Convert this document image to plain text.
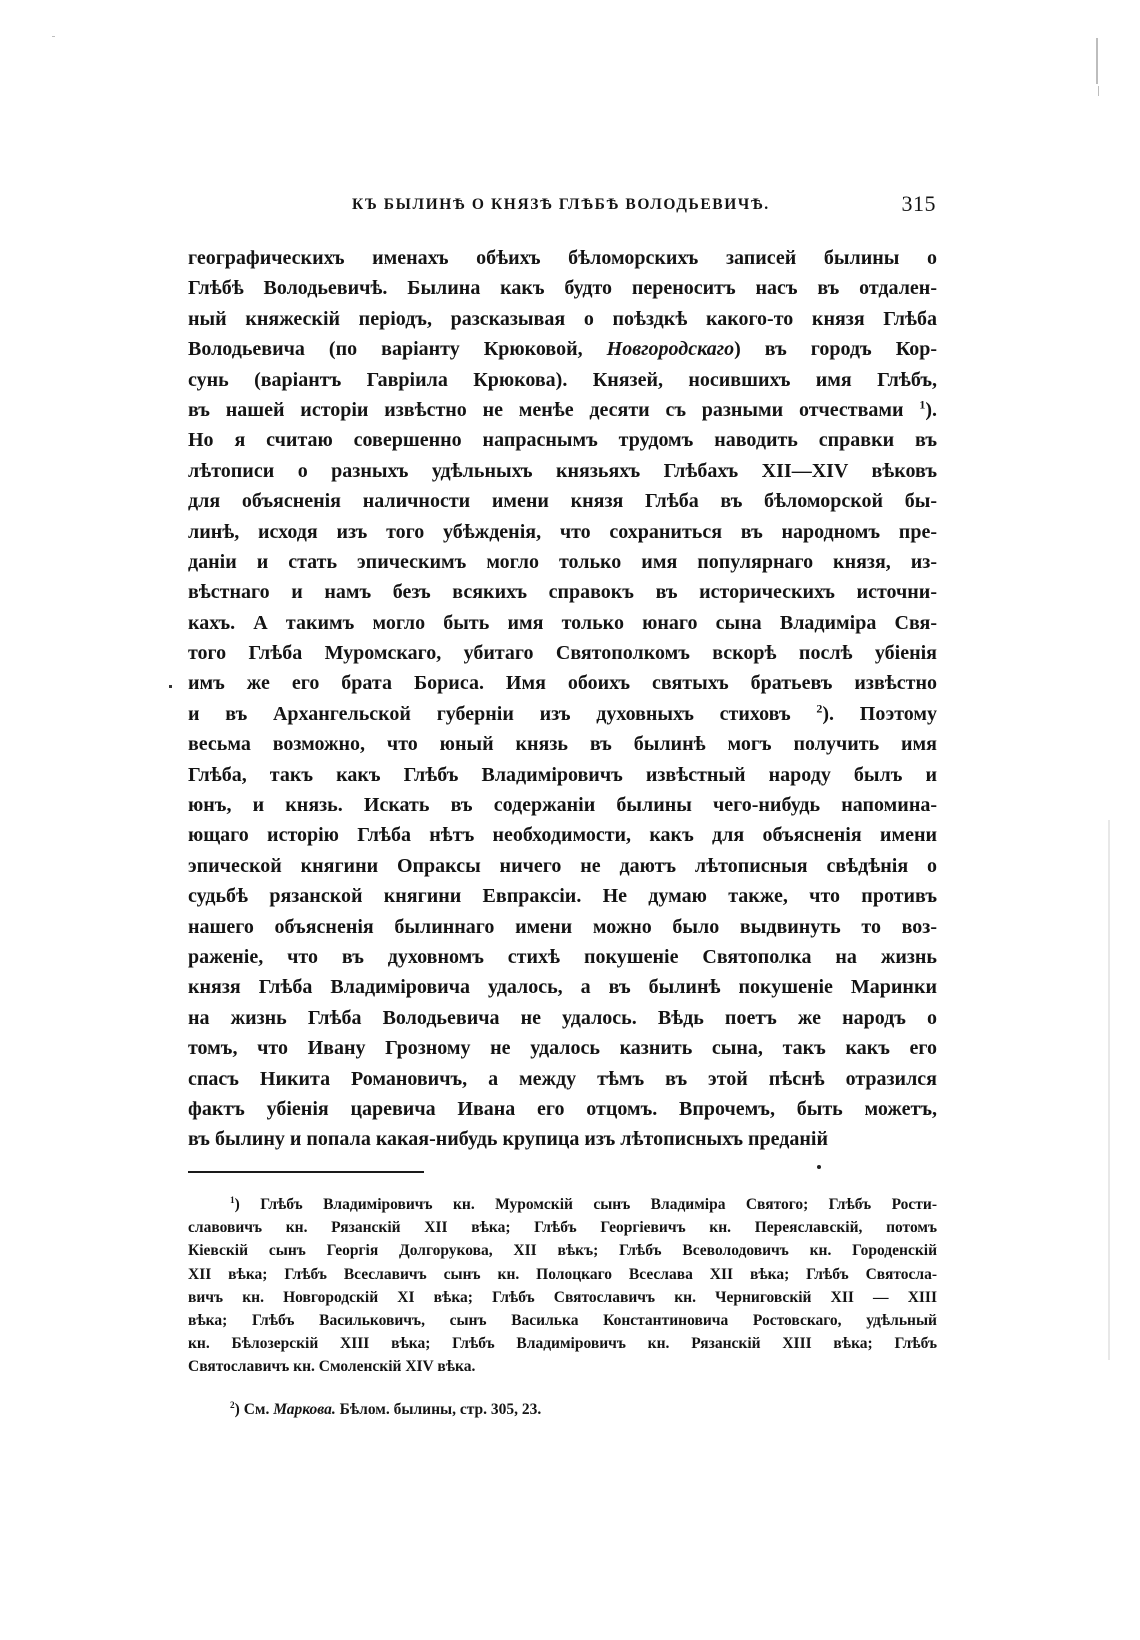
КЪ БЫЛИНѢ О КНЯЗѢ ГЛѢБѢ ВОЛОДЬЕВИЧѢ.	315
географическихъ именахъ обѣихъ бѣломорскихъ записей былины о
Глѣбѣ Володьевичѣ. Былина какъ будто переноситъ насъ въ отдален-
ный княжескій періодъ, разсказывая о поѣздкѣ какого-то князя Глѣба
Володьевича (по варіанту Крюковой, Новгородскаго) въ городъ Кор-
сунь (варіантъ Гавріила Крюкова). Князей, носившихъ имя Глѣбъ,
въ нашей исторіи извѣстно не менѣе десяти съ разными отчествами $^1$).
Но я считаю совершенно напраснымъ трудомъ наводить справки въ
лѣтописи о разныхъ удѣльныхъ князьяхъ Глѣбахъ XII—XIV вѣковъ
для объясненія наличности имени князя Глѣба въ бѣломорской бы-
линѣ, исходя изъ того убѣжденія, что сохраниться въ народномъ пре-
даніи и стать эпическимъ могло только имя популярнаго князя, из-
вѣстнаго и намъ безъ всякихъ справокъ въ историческихъ источни-
кахъ. А такимъ могло быть имя только юнаго сына Владиміра Свя-
того Глѣба Муромскаго, убитаго Святополкомъ вскорѣ послѣ убіенія
имъ же его брата Бориса. Имя обоихъ святыхъ братьевъ извѣстно
и въ Архангельской губерніи изъ духовныхъ стиховъ $^2$). Поэтому
весьма возможно, что юный князь въ былинѣ могъ получить имя
Глѣба, такъ какъ Глѣбъ Владиміровичъ извѣстный народу былъ и
юнъ, и князь. Искать въ содержаніи былины чего-нибудь напомина-
ющаго исторію Глѣба нѣтъ необходимости, какъ для объясненія имени
эпической княгини Опраксы ничего не даютъ лѣтописныя свѣдѣнія о
судьбѣ рязанской княгини Евпраксіи. Не думаю также, что противъ
нашего объясненія былиннаго имени можно было выдвинуть то воз-
раженіе, что въ духовномъ стихѣ покушеніе Святополка на жизнь
князя Глѣба Владиміровича удалось, а въ былинѣ покушеніе Маринки
на жизнь Глѣба Володьевича не удалось. Вѣдь поетъ же народъ о
томъ, что Ивану Грозному не удалось казнить сына, такъ какъ его
спасъ Никита Романовичъ, а между тѣмъ въ этой пѣснѣ отразился
фактъ убіенія царевича Ивана его отцомъ. Впрочемъ, быть можетъ,
въ былину и попала какая-нибудь крупица изъ лѣтописныхъ преданій
$^1$) Глѣбъ Владиміровичъ кн. Муромскій сынъ Владиміра Святого; Глѣбъ Рости-
славовичъ кн. Рязанскій XII вѣка; Глѣбъ Георгіевичъ кн. Переяславскій, потомъ
Кіевскій сынъ Георгія Долгорукова, XII вѣкъ; Глѣбъ Всеволодовичъ кн. Городенскій
XII вѣка; Глѣбъ Всеславичъ сынъ кн. Полоцкаго Всеслава XII вѣка; Глѣбъ Святосла-
вичъ кн. Новгородскій XI вѣка; Глѣбъ Святославичъ кн. Черниговскій XII — XIII
вѣка; Глѣбъ Васильковичъ, сынъ Василька Константиновича Ростовскаго, удѣльный
кн. Бѣлозерскій XIII вѣка; Глѣбъ Владиміровичъ кн. Рязанскій XIII вѣка; Глѣбъ
Святославичъ кн. Смоленскій XIV вѣка.
$^2$) См. Маркова. Бѣлом. былины, стр. 305, 23.
